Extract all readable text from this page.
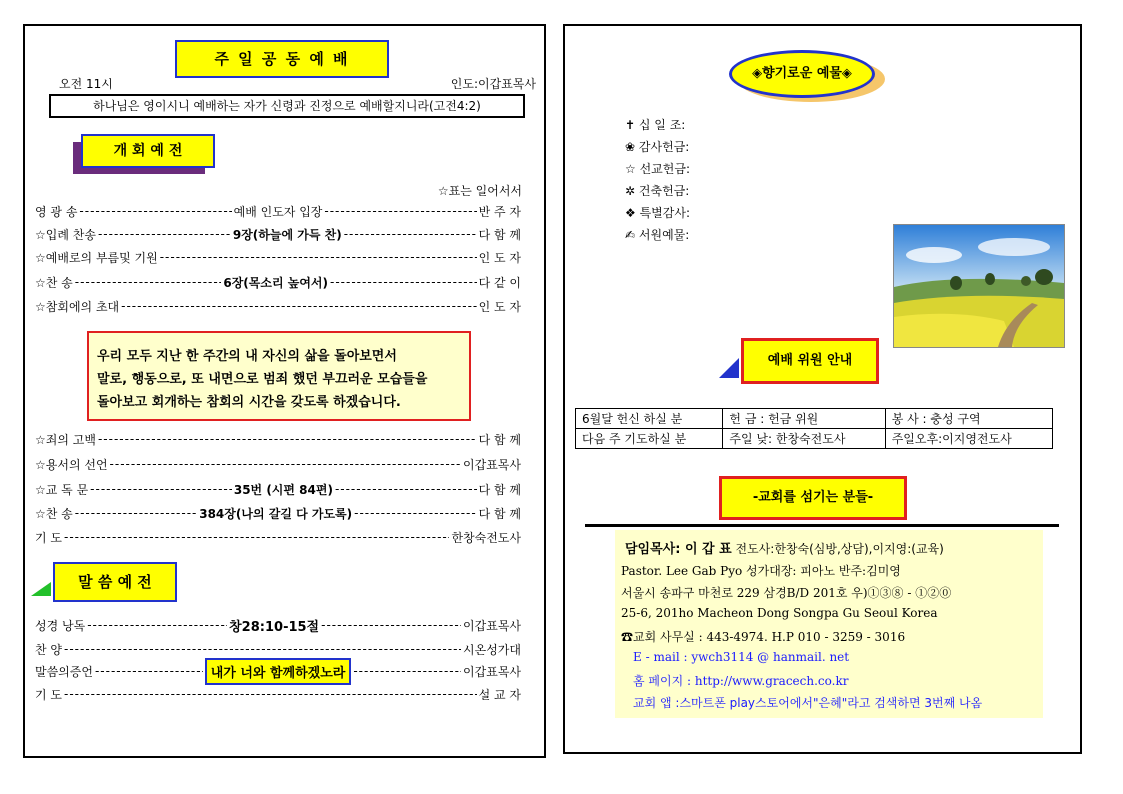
주 일 공 동 예 배
오전 11시	인도:이갑표목사
하나님은 영이시니 예배하는 자가 신령과 진정으로 예배할지니라(고전4:2)
개 회 예 전
☆표는 일어서서
영 광 송 -----	예배 인도자 입장 -----	반 주 자
☆입례 찬송 -----	9장(하늘에 가득 찬) -----	다 함 께
☆예배로의 부름및 기원 -----	인 도 자
☆찬 송 -----	6장(목소리 높여서) -----	다 같 이
☆참회에의 초대 -----	인 도 자
우리 모두 지난 한 주간의 내 자신의 삶을 돌아보면서
말로, 행동으로, 또 내면으로 범죄 했던 부끄러운 모습들을
돌아보고 회개하는 참회의 시간을 갖도록 하겠습니다.
☆죄의 고백 -----	다 함 께
☆용서의 선언 -----	이갑표목사
☆교 독 문 -----	35번 (시편 84편) -----	다 함 께
☆찬 송 -----	384장(나의 갈길 다 가도록) -----	다 함 께
기 도 -----	한창숙전도사
말 씀 예 전
성경 낭독 -----	창28:10-15절 -----	이갑표목사
찬 양 -----	시온성가대
말씀의증언 -----	내가 너와 함께하겠노라 -----	이갑표목사
기 도 -----	설 교 자
◈향기로운 예물◈
✝ 십 일 조:
❀ 감사헌금:
☆ 선교헌금:
✲ 건축헌금:
❖ 특별감사:
✍ 서원예물:
예배 위원 안내
6월달 헌신 하실 분	헌 금 : 헌금 위원	봉 사 : 충성 구역
다음 주 기도하실 분	주일 낮: 한창숙전도사	주일오후:이지영전도사
-교회를 섬기는 분들-
담임목사: 이 갑 표 전도사:한창숙(심방,상담),이지영:(교육)
Pastor. Lee Gab Pyo 성가대장: 피아노 반주:김미영
서울시 송파구 마천로 229 삼경B/D 201호 우)①③⑧ - ①②⓪
25-6, 201ho Macheon Dong Songpa Gu Seoul Korea
☎교회 사무실 : 443-4974. H.P 010 - 3259 - 3016
E - mail : ywch3114 @ hanmail. net
홈 페이지 : http://www.gracech.co.kr
교회 앱 :스마트폰 play스토어에서"은혜"라고 검색하면 3번째 나옴
